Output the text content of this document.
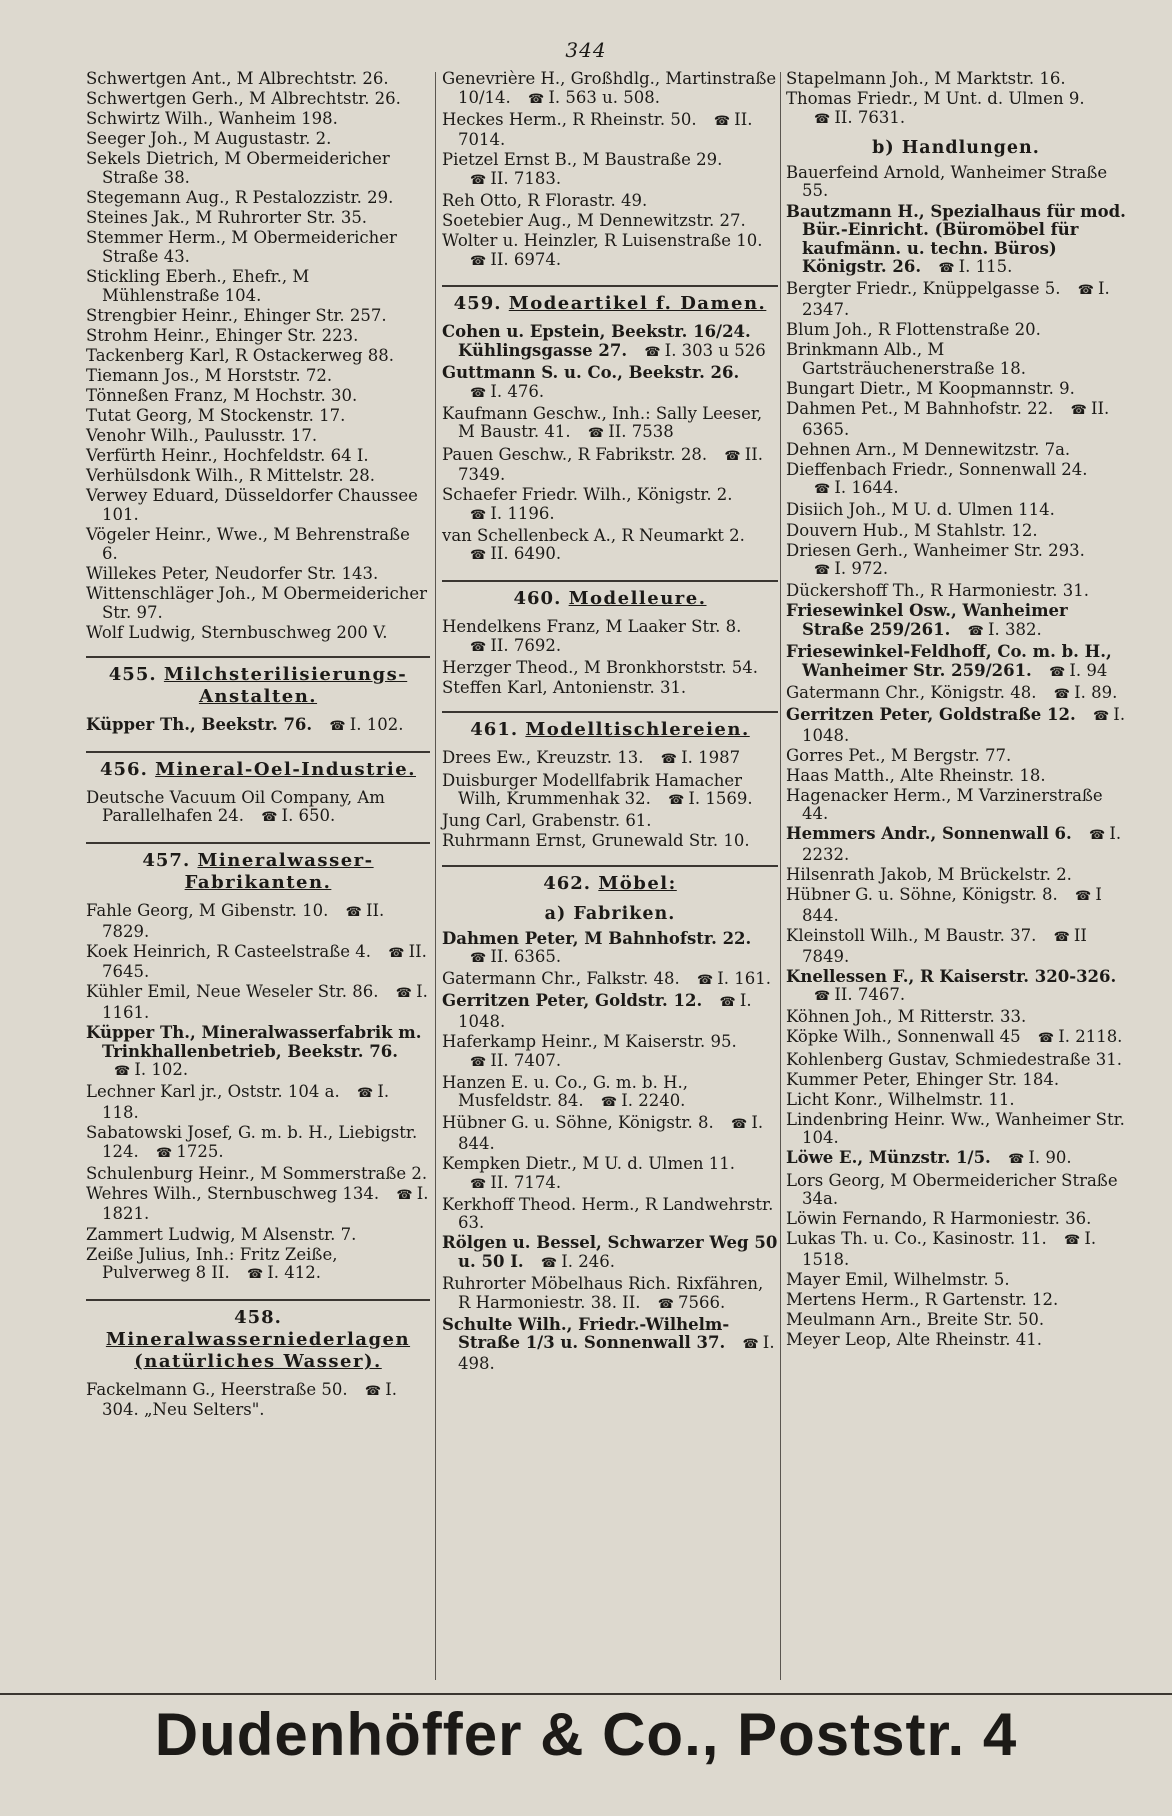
344
Schwertgen Ant., M Albrechtstr. 26.
Schwertgen Gerh., M Albrechtstr. 26.
Schwirtz Wilh., Wanheim 198.
Seeger Joh., M Augustastr. 2.
Sekels Dietrich, M Obermeidericher Straße 38.
Stegemann Aug., R Pestalozzistr. 29.
Steines Jak., M Ruhrorter Str. 35.
Stemmer Herm., M Obermeidericher Straße 43.
Stickling Eberh., Ehefr., M Mühlenstraße 104.
Strengbier Heinr., Ehinger Str. 257.
Strohm Heinr., Ehinger Str. 223.
Tackenberg Karl, R Ostackerweg 88.
Tiemann Jos., M Horststr. 72.
Tönneßen Franz, M Hochstr. 30.
Tutat Georg, M Stockenstr. 17.
Venohr Wilh., Paulusstr. 17.
Verfürth Heinr., Hochfeldstr. 64 I.
Verhülsdonk Wilh., R Mittelstr. 28.
Verwey Eduard, Düsseldorfer Chaussee 101.
Vögeler Heinr., Wwe., M Behrenstraße 6.
Willekes Peter, Neudorfer Str. 143.
Wittenschläger Joh., M Obermeidericher Str. 97.
Wolf Ludwig, Sternbuschweg 200 V.
455. Milchsterilisierungs-Anstalten.
Küpper Th., Beekstr. 76. ☎ I. 102.
456. Mineral-Oel-Industrie.
Deutsche Vacuum Oil Company, Am Parallelhafen 24. ☎ I. 650.
457. Mineralwasser-Fabrikanten.
Fahle Georg, M Gibenstr. 10. ☎ II. 7829.
Koek Heinrich, R Casteelstraße 4. ☎ II. 7645.
Kühler Emil, Neue Weseler Str. 86. ☎ I. 1161.
Küpper Th., Mineralwasserfabrik m. Trinkhallenbetrieb, Beekstr. 76. ☎ I. 102.
Lechner Karl jr., Oststr. 104 a. ☎ I. 118.
Sabatowski Josef, G. m. b. H., Liebigstr. 124. ☎ 1725.
Schulenburg Heinr., M Sommerstraße 2.
Wehres Wilh., Sternbuschweg 134. ☎ I. 1821.
Zammert Ludwig, M Alsenstr. 7.
Zeiße Julius, Inh.: Fritz Zeiße, Pulverweg 8 II. ☎ I. 412.
458. Mineralwasserniederlagen (natürliches Wasser).
Fackelmann G., Heerstraße 50. ☎ I. 304. „Neu Selters".
Genevrière H., Großhdlg., Martinstraße 10/14. ☎ I. 563 u. 508.
Heckes Herm., R Rheinstr. 50. ☎ II. 7014.
Pietzel Ernst B., M Baustraße 29. ☎ II. 7183.
Reh Otto, R Florastr. 49.
Soetebier Aug., M Dennewitzstr. 27.
Wolter u. Heinzler, R Luisenstraße 10. ☎ II. 6974.
459. Modeartikel f. Damen.
Cohen u. Epstein, Beekstr. 16/24. Kühlingsgasse 27. ☎ I. 303 u 526
Guttmann S. u. Co., Beekstr. 26. ☎ I. 476.
Kaufmann Geschw., Inh.: Sally Leeser, M Baustr. 41. ☎ II. 7538
Pauen Geschw., R Fabrikstr. 28. ☎ II. 7349.
Schaefer Friedr. Wilh., Königstr. 2. ☎ I. 1196.
van Schellenbeck A., R Neumarkt 2. ☎ II. 6490.
460. Modelleure.
Hendelkens Franz, M Laaker Str. 8. ☎ II. 7692.
Herzger Theod., M Bronkhorststr. 54.
Steffen Karl, Antonienstr. 31.
461. Modelltischlereien.
Drees Ew., Kreuzstr. 13. ☎ I. 1987
Duisburger Modellfabrik Hamacher Wilh, Krummenhak 32. ☎ I. 1569.
Jung Carl, Grabenstr. 61.
Ruhrmann Ernst, Grunewald Str. 10.
462. Möbel:
a) Fabriken.
Dahmen Peter, M Bahnhofstr. 22. ☎ II. 6365.
Gatermann Chr., Falkstr. 48. ☎ I. 161.
Gerritzen Peter, Goldstr. 12. ☎ I. 1048.
Haferkamp Heinr., M Kaiserstr. 95. ☎ II. 7407.
Hanzen E. u. Co., G. m. b. H., Musfeldstr. 84. ☎ I. 2240.
Hübner G. u. Söhne, Königstr. 8. ☎ I. 844.
Kempken Dietr., M U. d. Ulmen 11. ☎ II. 7174.
Kerkhoff Theod. Herm., R Landwehrstr. 63.
Rölgen u. Bessel, Schwarzer Weg 50 u. 50 I. ☎ I. 246.
Ruhrorter Möbelhaus Rich. Rixfähren, R Harmoniestr. 38. II. ☎ 7566.
Schulte Wilh., Friedr.-Wilhelm-Straße 1/3 u. Sonnenwall 37. ☎ I. 498.
Stapelmann Joh., M Marktstr. 16.
Thomas Friedr., M Unt. d. Ulmen 9. ☎ II. 7631.
b) Handlungen.
Bauerfeind Arnold, Wanheimer Straße 55.
Bautzmann H., Spezialhaus für mod. Bür.-Einricht. (Büromöbel für kaufmänn. u. techn. Büros) Königstr. 26. ☎ I. 115.
Bergter Friedr., Knüppelgasse 5. ☎ I. 2347.
Blum Joh., R Flottenstraße 20.
Brinkmann Alb., M Gartsträuchenerstraße 18.
Bungart Dietr., M Koopmannstr. 9.
Dahmen Pet., M Bahnhofstr. 22. ☎ II. 6365.
Dehnen Arn., M Dennewitzstr. 7a.
Dieffenbach Friedr., Sonnenwall 24. ☎ I. 1644.
Disiich Joh., M U. d. Ulmen 114.
Douvern Hub., M Stahlstr. 12.
Driesen Gerh., Wanheimer Str. 293. ☎ I. 972.
Dückershoff Th., R Harmoniestr. 31.
Friesewinkel Osw., Wanheimer Straße 259/261. ☎ I. 382.
Friesewinkel-Feldhoff, Co. m. b. H., Wanheimer Str. 259/261. ☎ I. 94
Gatermann Chr., Königstr. 48. ☎ I. 89.
Gerritzen Peter, Goldstraße 12. ☎ I. 1048.
Gorres Pet., M Bergstr. 77.
Haas Matth., Alte Rheinstr. 18.
Hagenacker Herm., M Varzinerstraße 44.
Hemmers Andr., Sonnenwall 6. ☎ I. 2232.
Hilsenrath Jakob, M Brückelstr. 2.
Hübner G. u. Söhne, Königstr. 8. ☎ I 844.
Kleinstoll Wilh., M Baustr. 37. ☎ II 7849.
Knellessen F., R Kaiserstr. 320-326. ☎ II. 7467.
Köhnen Joh., M Ritterstr. 33.
Köpke Wilh., Sonnenwall 45 ☎ I. 2118.
Kohlenberg Gustav, Schmiedestraße 31.
Kummer Peter, Ehinger Str. 184.
Licht Konr., Wilhelmstr. 11.
Lindenbring Heinr. Ww., Wanheimer Str. 104.
Löwe E., Münzstr. 1/5. ☎ I. 90.
Lors Georg, M Obermeidericher Straße 34a.
Löwin Fernando, R Harmoniestr. 36.
Lukas Th. u. Co., Kasinostr. 11. ☎ I. 1518.
Mayer Emil, Wilhelmstr. 5.
Mertens Herm., R Gartenstr. 12.
Meulmann Arn., Breite Str. 50.
Meyer Leop, Alte Rheinstr. 41.
Dudenhöffer & Co., Poststr. 4
